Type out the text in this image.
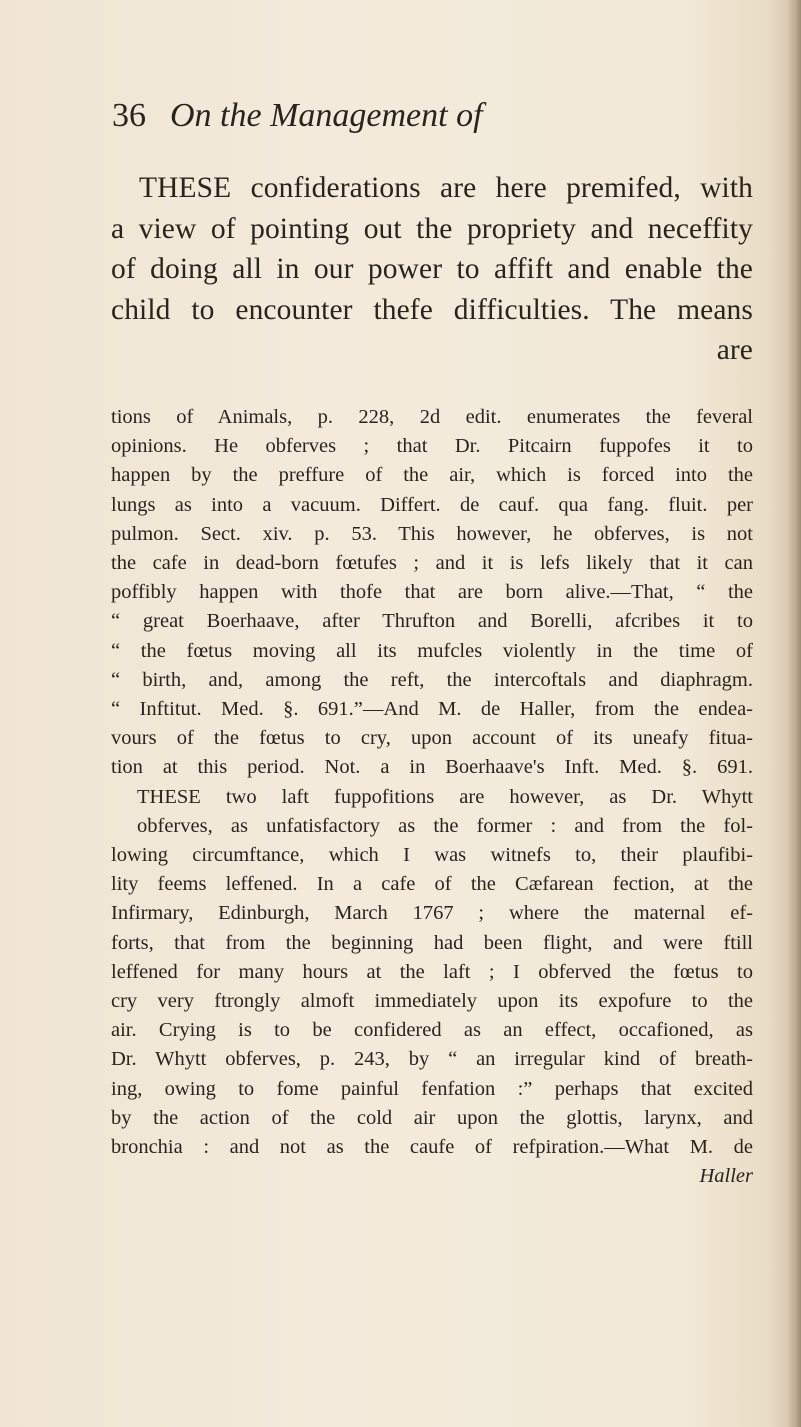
36 On the Management of
THESE confiderations are here premifed, with
a view of pointing out the propriety and neceffity
of doing all in our power to affift and enable the
child to encounter thefe difficulties. The means
are
tions of Animals, p. 228, 2d edit. enumerates the feveral
opinions. He obferves ; that Dr. Pitcairn fuppofes it to
happen by the preffure of the air, which is forced into the
lungs as into a vacuum. Differt. de cauf. qua fang. fluit. per
pulmon. Sect. xiv. p. 53. This however, he obferves, is not
the cafe in dead-born fœtufes ; and it is lefs likely that it can
poffibly happen with thofe that are born alive.—That, “ the
“ great Boerhaave, after Thrufton and Borelli, afcribes it to
“ the fœtus moving all its mufcles violently in the time of
“ birth, and, among the reft, the intercoftals and diaphragm.
“ Inftitut. Med. §. 691.”—And M. de Haller, from the endea-
vours of the fœtus to cry, upon account of its uneafy fitua-
tion at this period. Not. a in Boerhaave's Inft. Med. §. 691.
THESE two laft fuppofitions are however, as Dr. Whytt
obferves, as unfatisfactory as the former : and from the fol-
lowing circumftance, which I was witnefs to, their plaufibi-
lity feems leffened. In a cafe of the Cæfarean fection, at the
Infirmary, Edinburgh, March 1767 ; where the maternal ef-
forts, that from the beginning had been flight, and were ftill
leffened for many hours at the laft ; I obferved the fœtus to
cry very ftrongly almoft immediately upon its expofure to the
air. Crying is to be confidered as an effect, occafioned, as
Dr. Whytt obferves, p. 243, by “ an irregular kind of breath-
ing, owing to fome painful fenfation :” perhaps that excited
by the action of the cold air upon the glottis, larynx, and
bronchia : and not as the caufe of refpiration.—What M. de
Haller
